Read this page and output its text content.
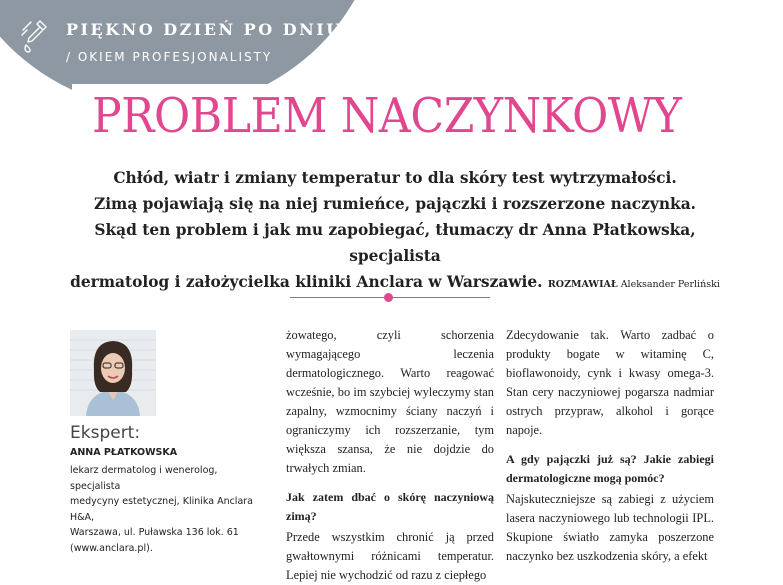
PIĘKNO DZIEŃ PO DNIU
/ OKIEM PROFESJONALISTY
PROBLEM NACZYNKOWY
Chłód, wiatr i zmiany temperatur to dla skóry test wytrzymałości.
Zimą pojawiają się na niej rumieńce, pajączki i rozszerzone naczynka.
Skąd ten problem i jak mu zapobiegać, tłumaczy dr Anna Płatkowska, specjalista
dermatolog i założycielka kliniki Anclara w Warszawie. ROZMAWIAŁ Aleksander Perliński
Ekspert:
ANNA PŁATKOWSKA
lekarz dermatolog i wenerolog, specjalista
medycyny estetycznej, Klinika Anclara H&A,
Warszawa, ul. Puławska 136 lok. 61
(www.anclara.pl).

żowatego, czyli schorzenia wymagającego leczenia dermatologicznego. Warto reagować wcześnie, bo im szybciej wyleczymy stan zapalny, wzmocnimy ściany naczyń i ograniczymy ich rozszerzanie, tym większa szansa, że nie dojdzie do trwałych zmian.

Jak zatem dbać o skórę naczyniową zimą?

Przede wszystkim chronić ją przed gwałtownymi różnicami temperatur. Lepiej nie wychodzić od razu z ciepłego

Zdecydowanie tak. Warto zadbać o produkty bogate w witaminę C, bioflawonoidy, cynk i kwasy omega-3. Stan cery naczyniowej pogarsza nadmiar ostrych przypraw, alkohol i gorące napoje.

A gdy pajączki już są? Jakie zabiegi dermatologiczne mogą pomóc?

Najskuteczniejsze są zabiegi z użyciem lasera naczyniowego lub technologii IPL. Skupione światło zamyka poszerzone naczynko bez uszkodzenia skóry, a efekt
